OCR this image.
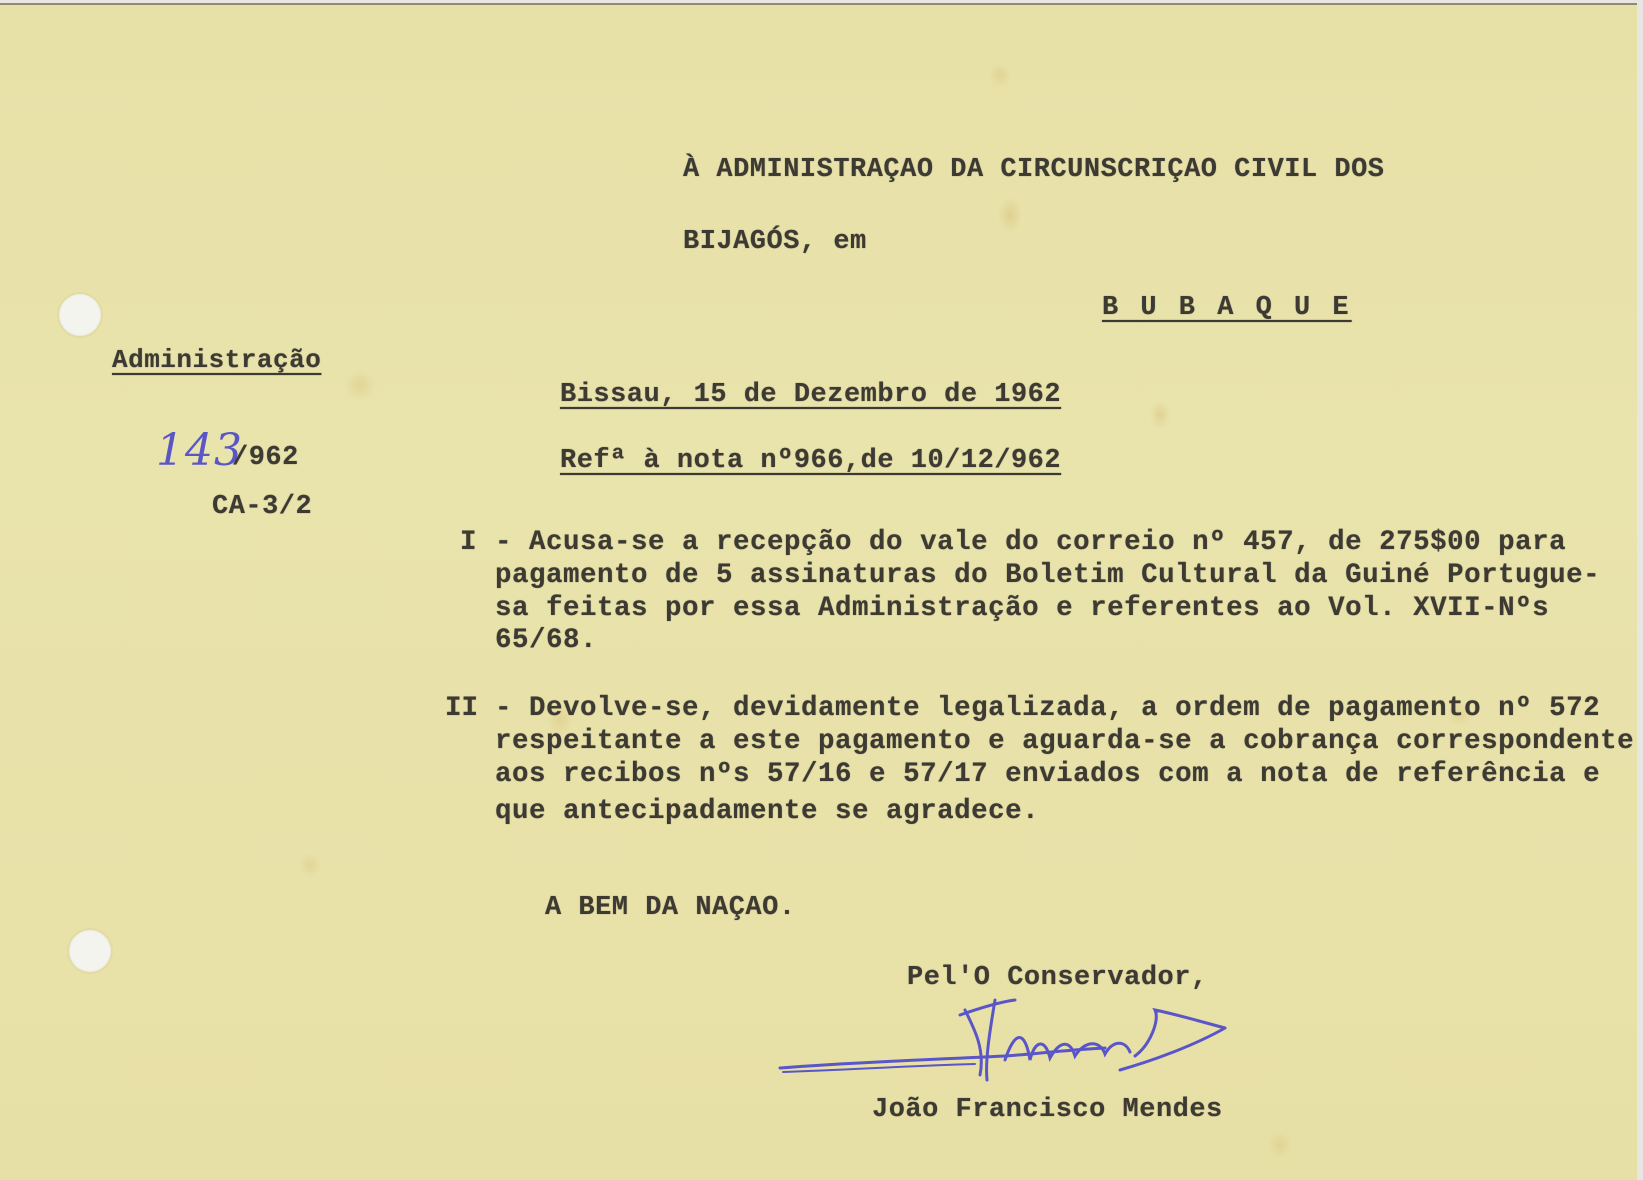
À ADMINISTRAÇAO DA CIRCUNSCRIÇAO CIVIL DOS
BIJAGÓS, em
B U B A Q U E
Administração
143
/962
CA-3/2
Bissau, 15 de Dezembro de 1962
Refª à nota nº966,de 10/12/962
I - Acusa-se a recepção do vale do correio nº 457, de 275$00 para
pagamento de 5 assinaturas do Boletim Cultural da Guiné Portugue-
sa feitas por essa Administração e referentes ao Vol. XVII-Nºs
65/68.
II - Devolve-se, devidamente legalizada, a ordem de pagamento nº 572
respeitante a este pagamento e aguarda-se a cobrança correspondente
aos recibos nºs 57/16 e 57/17 enviados com a nota de referência e
que antecipadamente se agradece.
A BEM DA NAÇAO.
Pel'O Conservador,
João Francisco Mendes
